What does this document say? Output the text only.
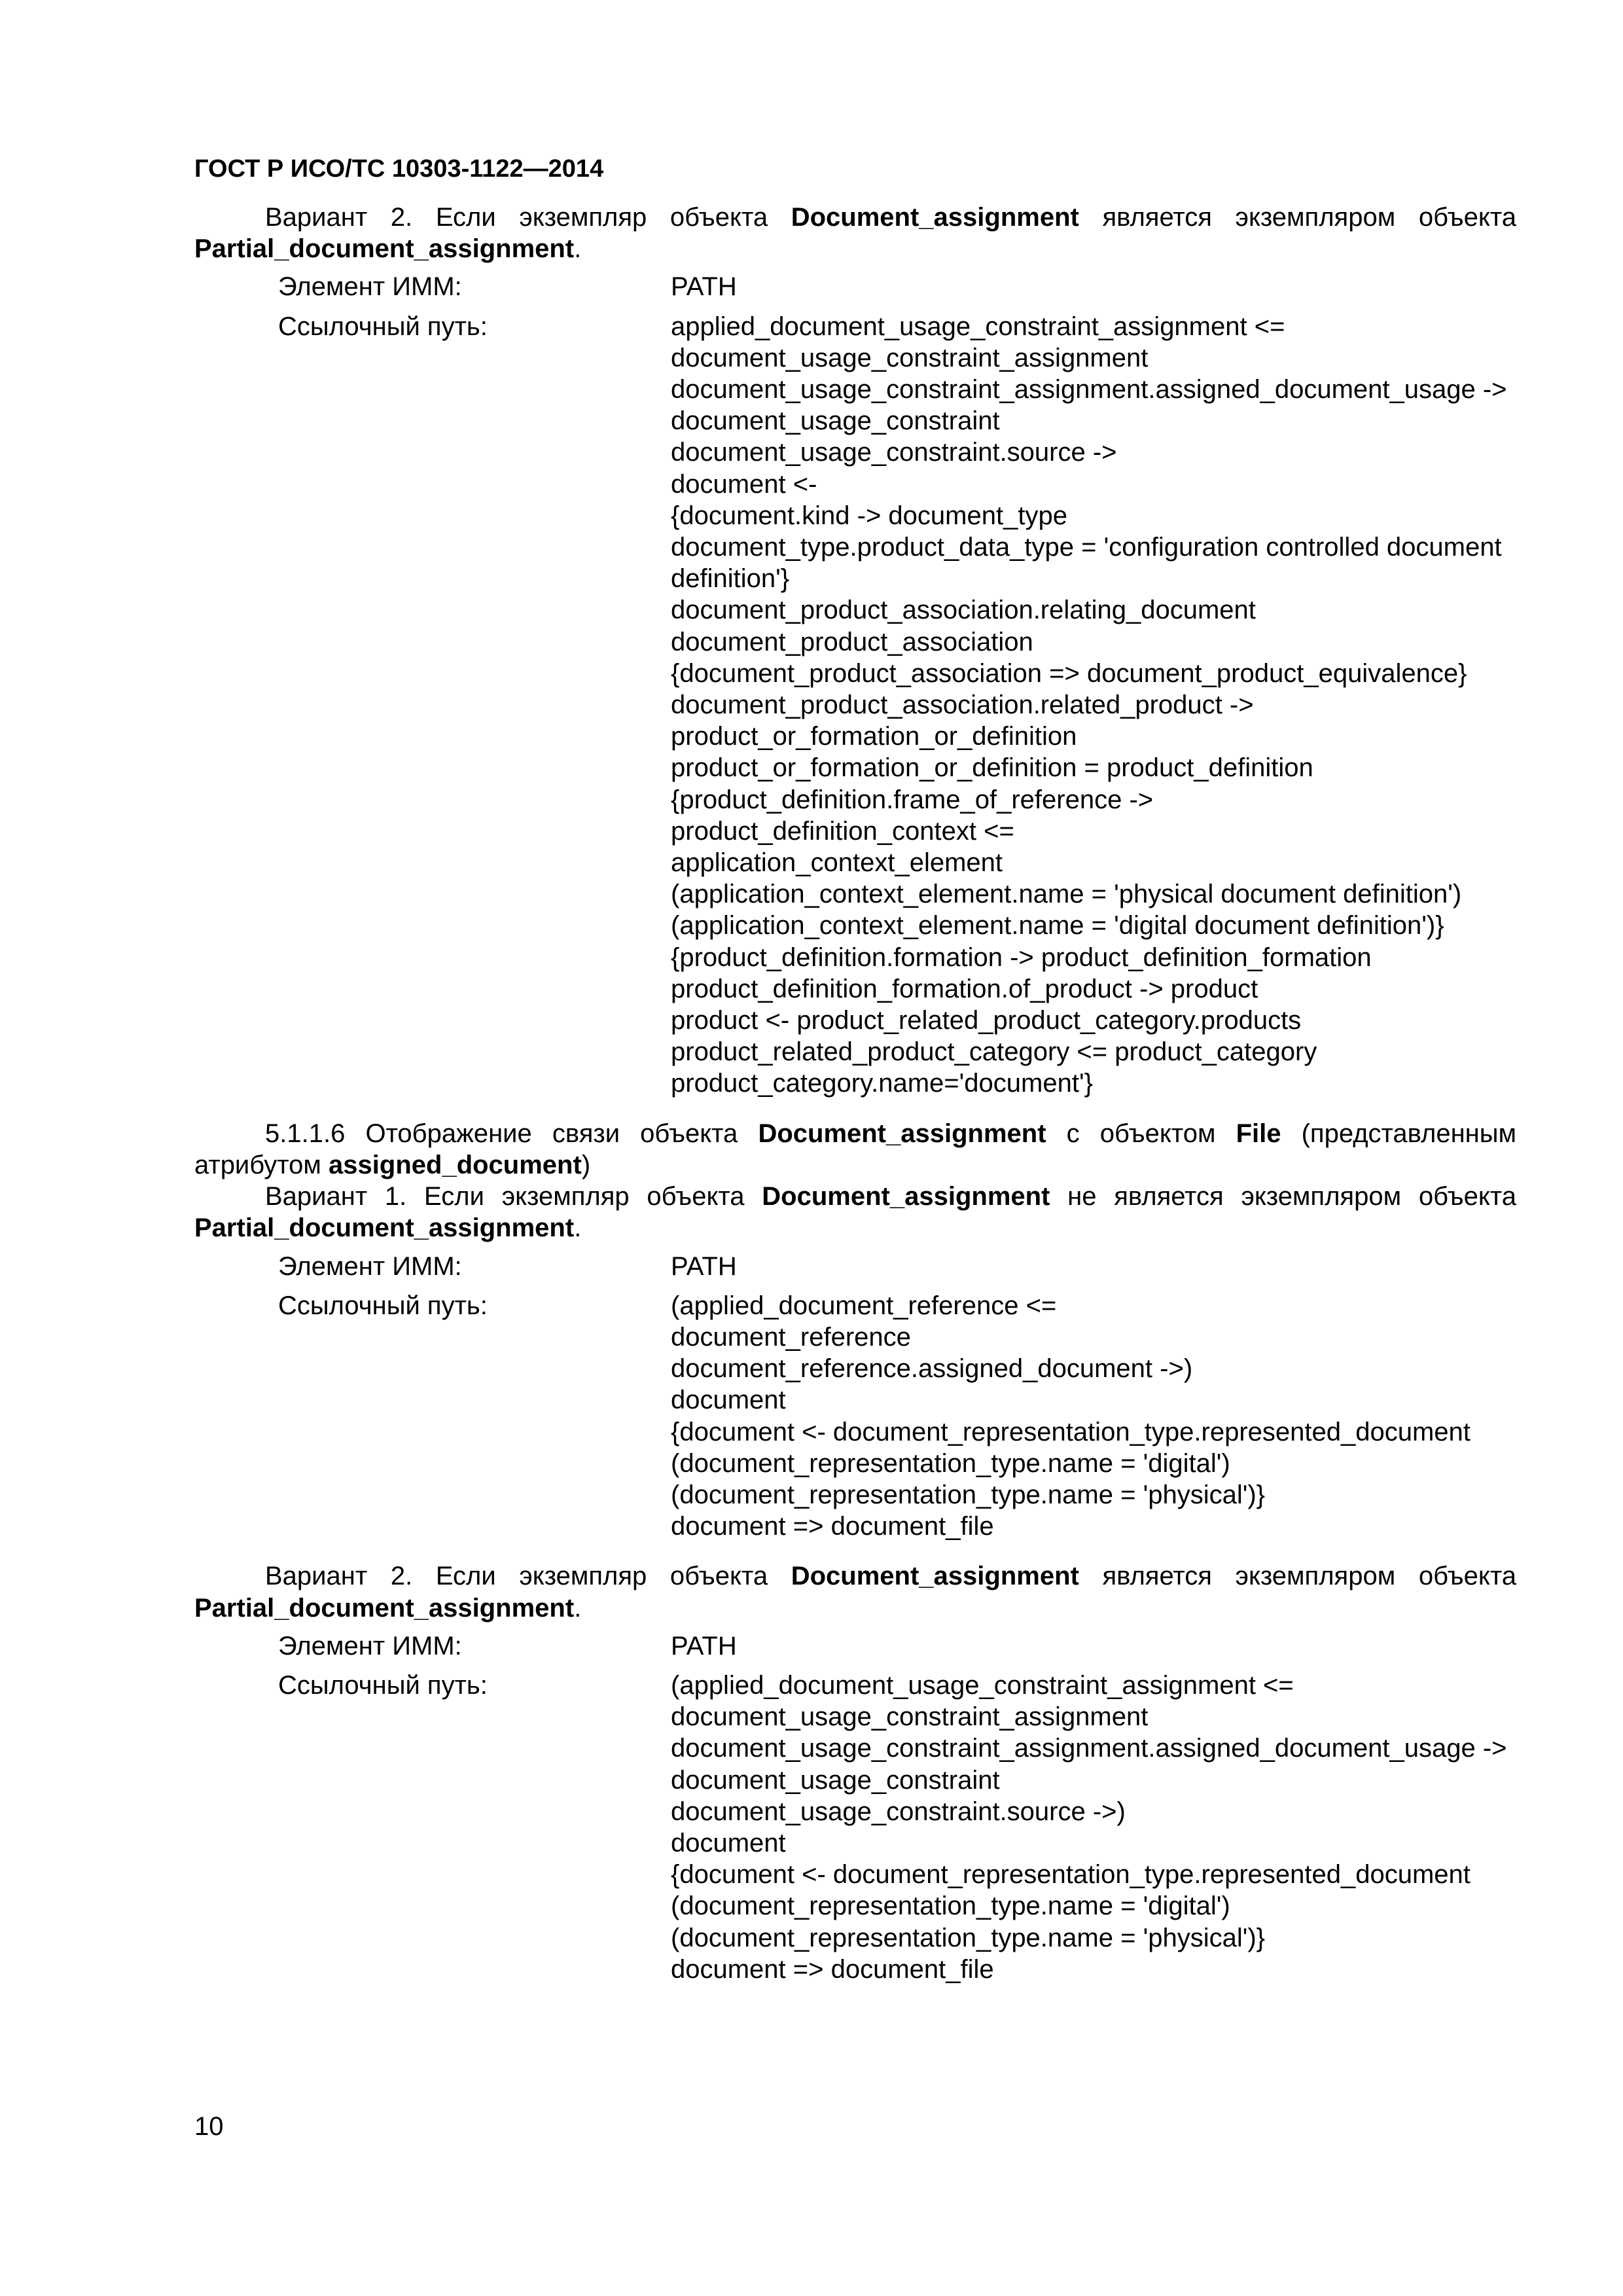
ГОСТ Р ИСО/ТС 10303-1122—2014

Вариант 2. Если экземпляр объекта Document_assignment является экземпляром объекта Partial_document_assignment.

Элемент ИММ:	PATH
Ссылочный путь:	applied_document_usage_constraint_assignment <=
document_usage_constraint_assignment
document_usage_constraint_assignment.assigned_document_usage ->
document_usage_constraint
document_usage_constraint.source ->
document <-
{document.kind -> document_type
document_type.product_data_type = 'configuration controlled document
definition'}
document_product_association.relating_document
document_product_association
{document_product_association => document_product_equivalence}
document_product_association.related_product ->
product_or_formation_or_definition
product_or_formation_or_definition = product_definition
{product_definition.frame_of_reference ->
product_definition_context <=
application_context_element
(application_context_element.name = 'physical document definition')
(application_context_element.name = 'digital document definition')}
{product_definition.formation -> product_definition_formation
product_definition_formation.of_product -> product
product <- product_related_product_category.products
product_related_product_category <= product_category
product_category.name='document'}

5.1.1.6 Отображение связи объекта Document_assignment с объектом File (представленным атрибутом assigned_document)

Вариант 1. Если экземпляр объекта Document_assignment не является экземпляром объекта Partial_document_assignment.

Элемент ИММ:	PATH
Ссылочный путь:	(applied_document_reference <=
document_reference
document_reference.assigned_document ->)
document
{document <- document_representation_type.represented_document
(document_representation_type.name = 'digital')
(document_representation_type.name = 'physical')}
document => document_file

Вариант 2. Если экземпляр объекта Document_assignment является экземпляром объекта Partial_document_assignment.

Элемент ИММ:	PATH
Ссылочный путь:	(applied_document_usage_constraint_assignment <=
document_usage_constraint_assignment
document_usage_constraint_assignment.assigned_document_usage ->
document_usage_constraint
document_usage_constraint.source ->)
document
{document <- document_representation_type.represented_document
(document_representation_type.name = 'digital')
(document_representation_type.name = 'physical')}
document => document_file
10
